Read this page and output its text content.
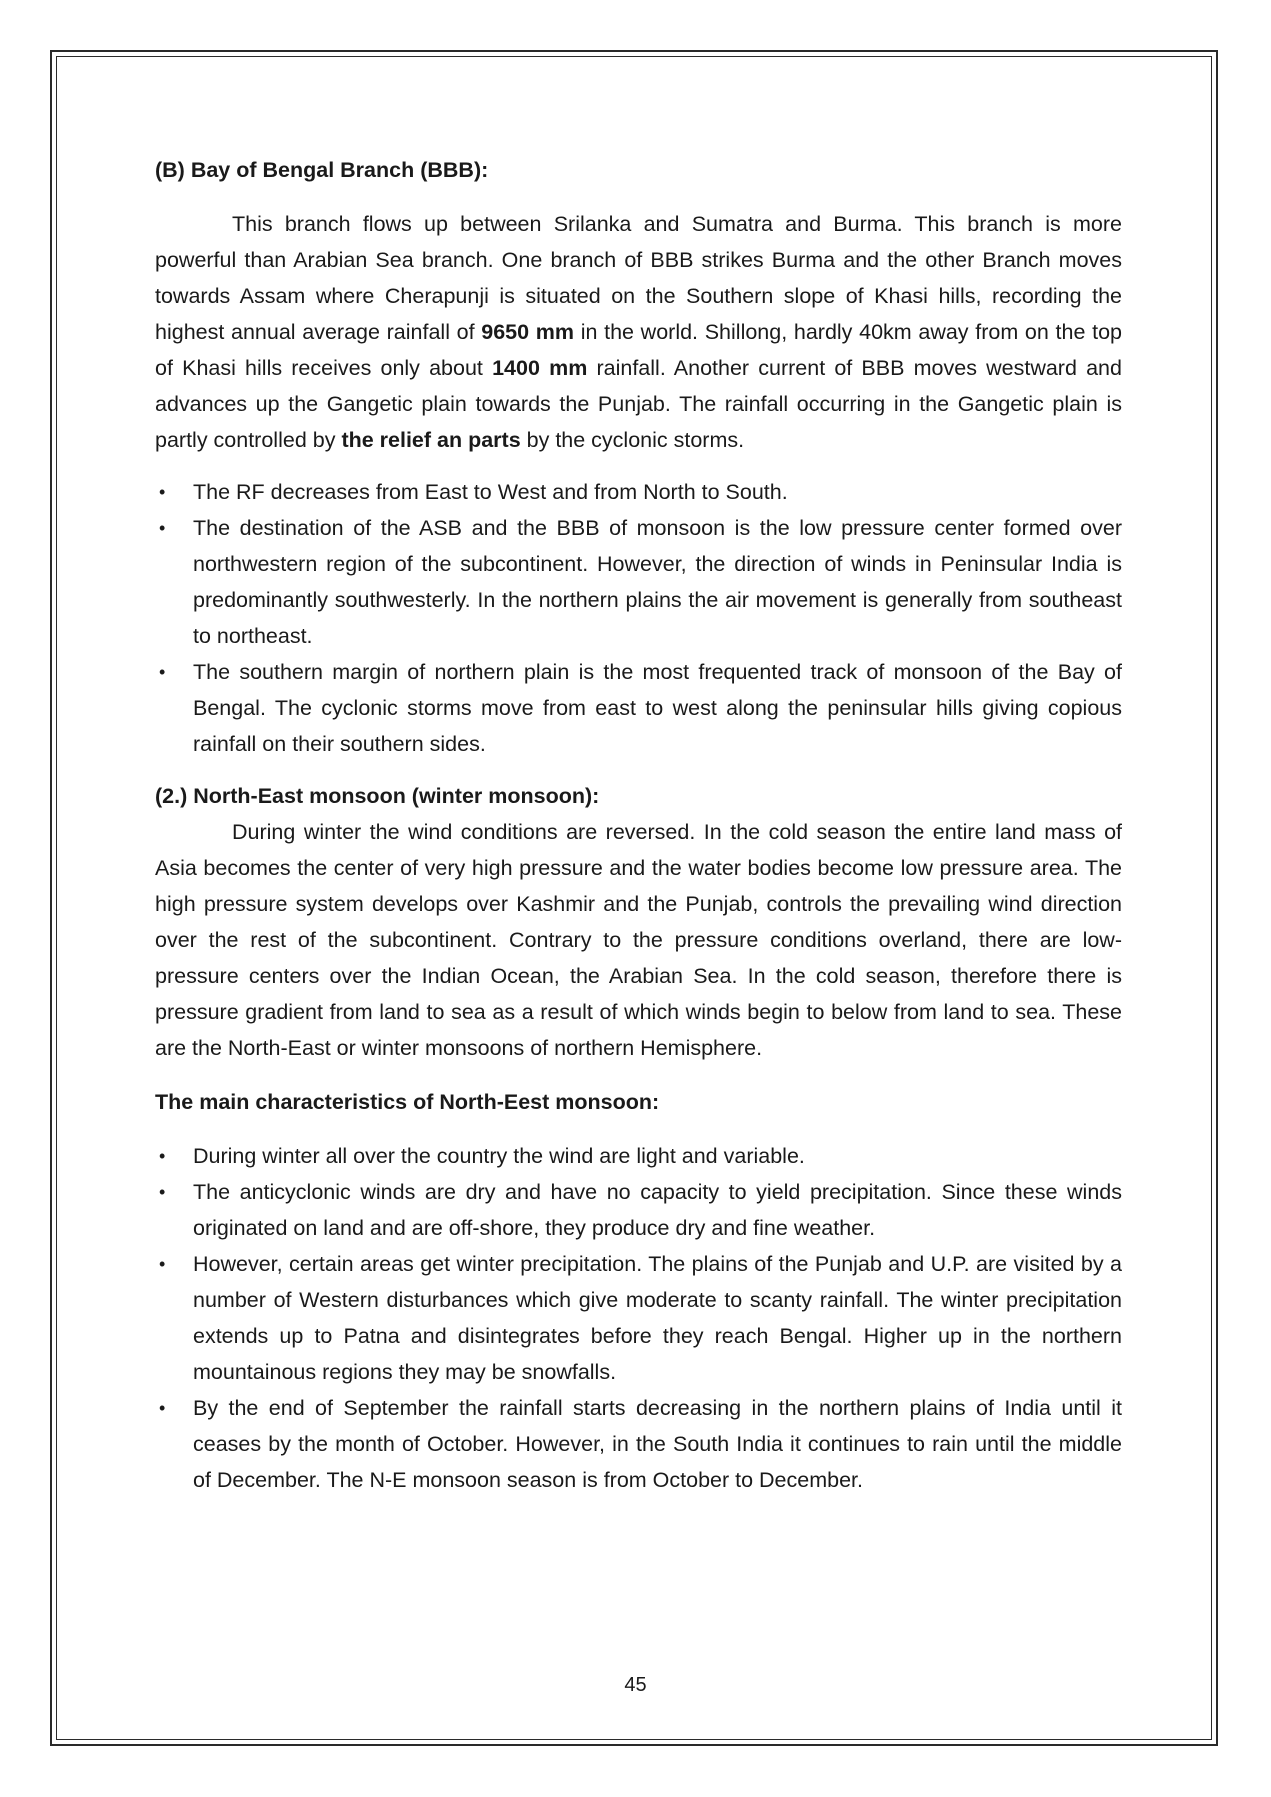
(B) Bay of Bengal Branch (BBB):

This branch flows up between Srilanka and Sumatra and Burma. This branch is more powerful than Arabian Sea branch. One branch of BBB strikes Burma and the other Branch moves towards Assam where Cherapunji is situated on the Southern slope of Khasi hills, recording the highest annual average rainfall of 9650 mm in the world. Shillong, hardly 40km away from on the top of Khasi hills receives only about 1400 mm rainfall. Another current of BBB moves westward and advances up the Gangetic plain towards the Punjab. The rainfall occurring in the Gangetic plain is partly controlled by the relief an parts by the cyclonic storms.

• The RF decreases from East to West and from North to South.
• The destination of the ASB and the BBB of monsoon is the low pressure center formed over northwestern region of the subcontinent. However, the direction of winds in Peninsular India is predominantly southwesterly. In the northern plains the air movement is generally from southeast to northeast.
• The southern margin of northern plain is the most frequented track of monsoon of the Bay of Bengal. The cyclonic storms move from east to west along the peninsular hills giving copious rainfall on their southern sides.

(2.) North-East monsoon (winter monsoon):

During winter the wind conditions are reversed. In the cold season the entire land mass of Asia becomes the center of very high pressure and the water bodies become low pressure area. The high pressure system develops over Kashmir and the Punjab, controls the prevailing wind direction over the rest of the subcontinent. Contrary to the pressure conditions overland, there are low-pressure centers over the Indian Ocean, the Arabian Sea. In the cold season, therefore there is pressure gradient from land to sea as a result of which winds begin to below from land to sea. These are the North-East or winter monsoons of northern Hemisphere.

The main characteristics of North-Eest monsoon:

• During winter all over the country the wind are light and variable.
• The anticyclonic winds are dry and have no capacity to yield precipitation. Since these winds originated on land and are off-shore, they produce dry and fine weather.
• However, certain areas get winter precipitation. The plains of the Punjab and U.P. are visited by a number of Western disturbances which give moderate to scanty rainfall. The winter precipitation extends up to Patna and disintegrates before they reach Bengal. Higher up in the northern mountainous regions they may be snowfalls.
• By the end of September the rainfall starts decreasing in the northern plains of India until it ceases by the month of October. However, in the South India it continues to rain until the middle of December. The N-E monsoon season is from October to December.
45
